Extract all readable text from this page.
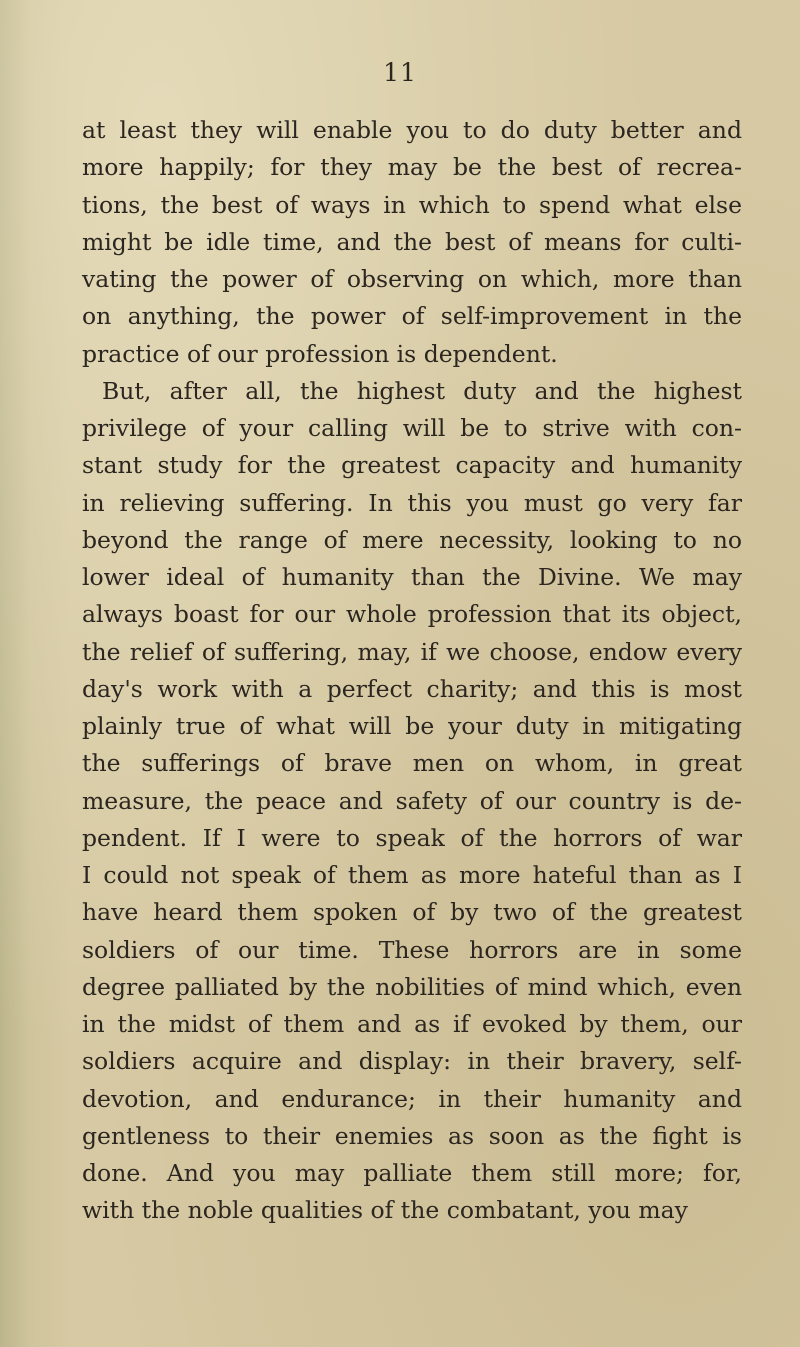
11
at least they will enable you to do duty better and
more happily; for they may be the best of recrea-
tions, the best of ways in which to spend what else
might be idle time, and the best of means for culti-
vating the power of observing on which, more than
on anything, the power of self-improvement in the
practice of our profession is dependent.
But, after all, the highest duty and the highest
privilege of your calling will be to strive with con-
stant study for the greatest capacity and humanity
in relieving suffering. In this you must go very far
beyond the range of mere necessity, looking to no
lower ideal of humanity than the Divine. We may
always boast for our whole profession that its object,
the relief of suffering, may, if we choose, endow every
day's work with a perfect charity; and this is most
plainly true of what will be your duty in mitigating
the sufferings of brave men on whom, in great
measure, the peace and safety of our country is de-
pendent. If I were to speak of the horrors of war
I could not speak of them as more hateful than as I
have heard them spoken of by two of the greatest
soldiers of our time. These horrors are in some
degree palliated by the nobilities of mind which, even
in the midst of them and as if evoked by them, our
soldiers acquire and display: in their bravery, self-
devotion, and endurance; in their humanity and
gentleness to their enemies as soon as the fight is
done. And you may palliate them still more; for,
with the noble qualities of the combatant, you may
